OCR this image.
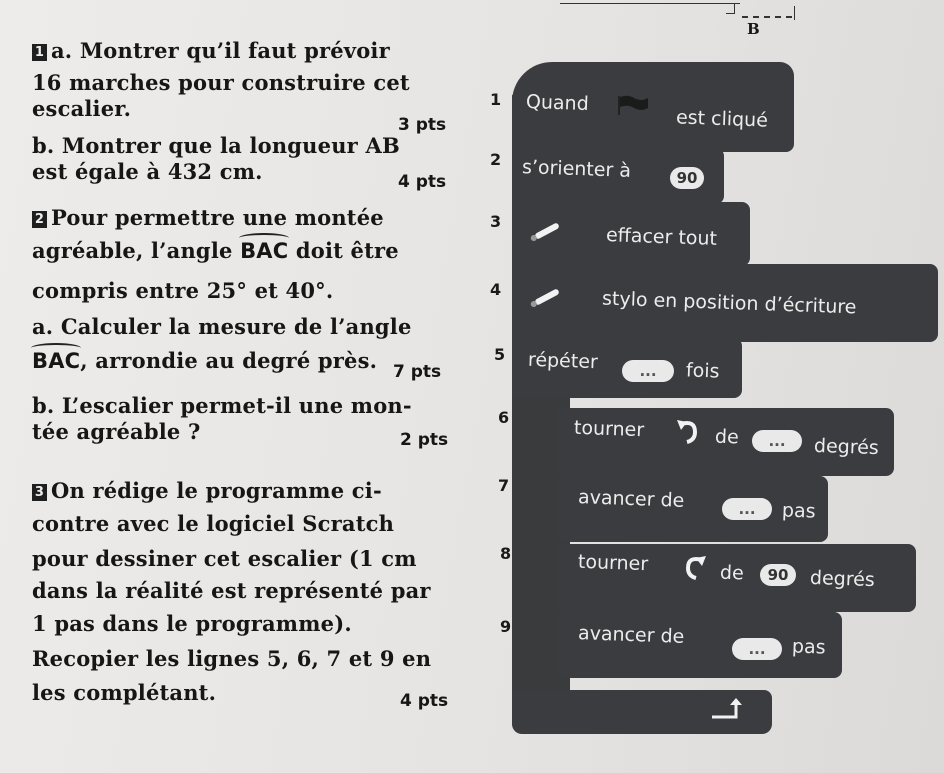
B
1 a. Montrer qu’il faut prévoir
16 marches pour construire cet
escalier.
3 pts
b. Montrer que la longueur AB
est égale à 432 cm.	4 pts
2 Pour permettre une montée
agréable, l’angle BAC doit être
compris entre 25° et 40°.
a. Calculer la mesure de l’angle
BAC, arrondie au degré près. 7 pts
b. L’escalier permet-il une mon-
tée agréable ?	2 pts
3 On rédige le programme ci-
contre avec le logiciel Scratch
pour dessiner cet escalier (1 cm
dans la réalité est représenté par
1 pas dans le programme).
Recopier les lignes 5, 6, 7 et 9 en
les complétant.	4 pts
1 Quand
est cliqué
2 s’orienter à	90
3
effacer tout
4	stylo en position d’écriture
5 répéter	...	fois
6	tourner	de	...	degrés
7
avancer de	...	pas
8	tourner	de	90	degrés
9	avancer de
...	pas
